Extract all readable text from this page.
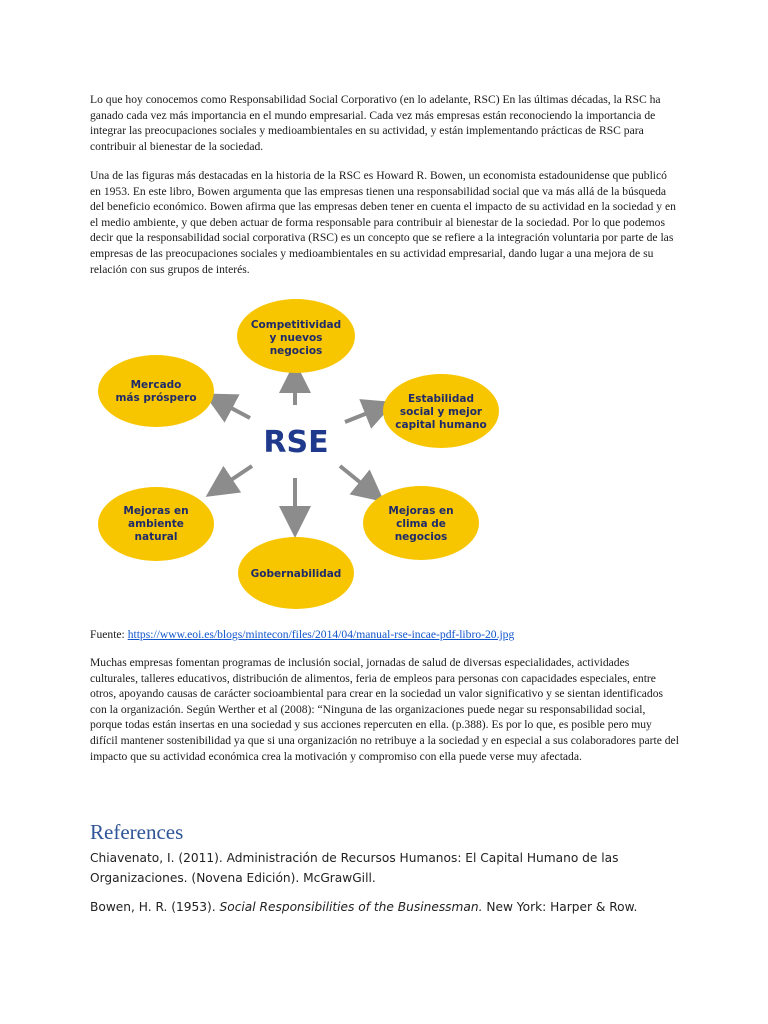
Lo que hoy conocemos como Responsabilidad Social Corporativo (en lo adelante, RSC) En las últimas décadas, la RSC ha ganado cada vez más importancia en el mundo empresarial. Cada vez más empresas están reconociendo la importancia de integrar las preocupaciones sociales y medioambientales en su actividad, y están implementando prácticas de RSC para contribuir al bienestar de la sociedad.

Una de las figuras más destacadas en la historia de la RSC es Howard R. Bowen, un economista estadounidense que publicó en 1953. En este libro, Bowen argumenta que las empresas tienen una responsabilidad social que va más allá de la búsqueda del beneficio económico. Bowen afirma que las empresas deben tener en cuenta el impacto de su actividad en la sociedad y en el medio ambiente, y que deben actuar de forma responsable para contribuir al bienestar de la sociedad. Por lo que podemos decir que la responsabilidad social corporativa (RSC) es un concepto que se refiere a la integración voluntaria por parte de las empresas de las preocupaciones sociales y medioambientales en su actividad empresarial, dando lugar a una mejora de su relación con sus grupos de interés.

Competitividad
y nuevos
negocios
Mercado
más próspero	Estabilidad
social y mejor
capital humano
Mejoras en
ambiente
natural
Mejoras en
clima de
negocios
Gobernabilidad
RSE

Fuente: https://www.eoi.es/blogs/mintecon/files/2014/04/manual-rse-incae-pdf-libro-20.jpg

Muchas empresas fomentan programas de inclusión social, jornadas de salud de diversas especialidades, actividades culturales, talleres educativos, distribución de alimentos, feria de empleos para personas con capacidades especiales, entre otros, apoyando causas de carácter socioambiental para crear en la sociedad un valor significativo y se sientan identificados con la organización. Según Werther et al (2008): “Ninguna de las organizaciones puede negar su responsabilidad social, porque todas están insertas en una sociedad y sus acciones repercuten en ella. (p.388). Es por lo que, es posible pero muy difícil mantener sostenibilidad ya que si una organización no retribuye a la sociedad y en especial a sus colaboradores parte del impacto que su actividad económica crea la motivación y compromiso con ella puede verse muy afectada.

References

Chiavenato, I. (2011). Administración de Recursos Humanos: El Capital Humano de las Organizaciones. (Novena Edición). McGrawGill.

Bowen, H. R. (1953). Social Responsibilities of the Businessman. New York: Harper & Row.
